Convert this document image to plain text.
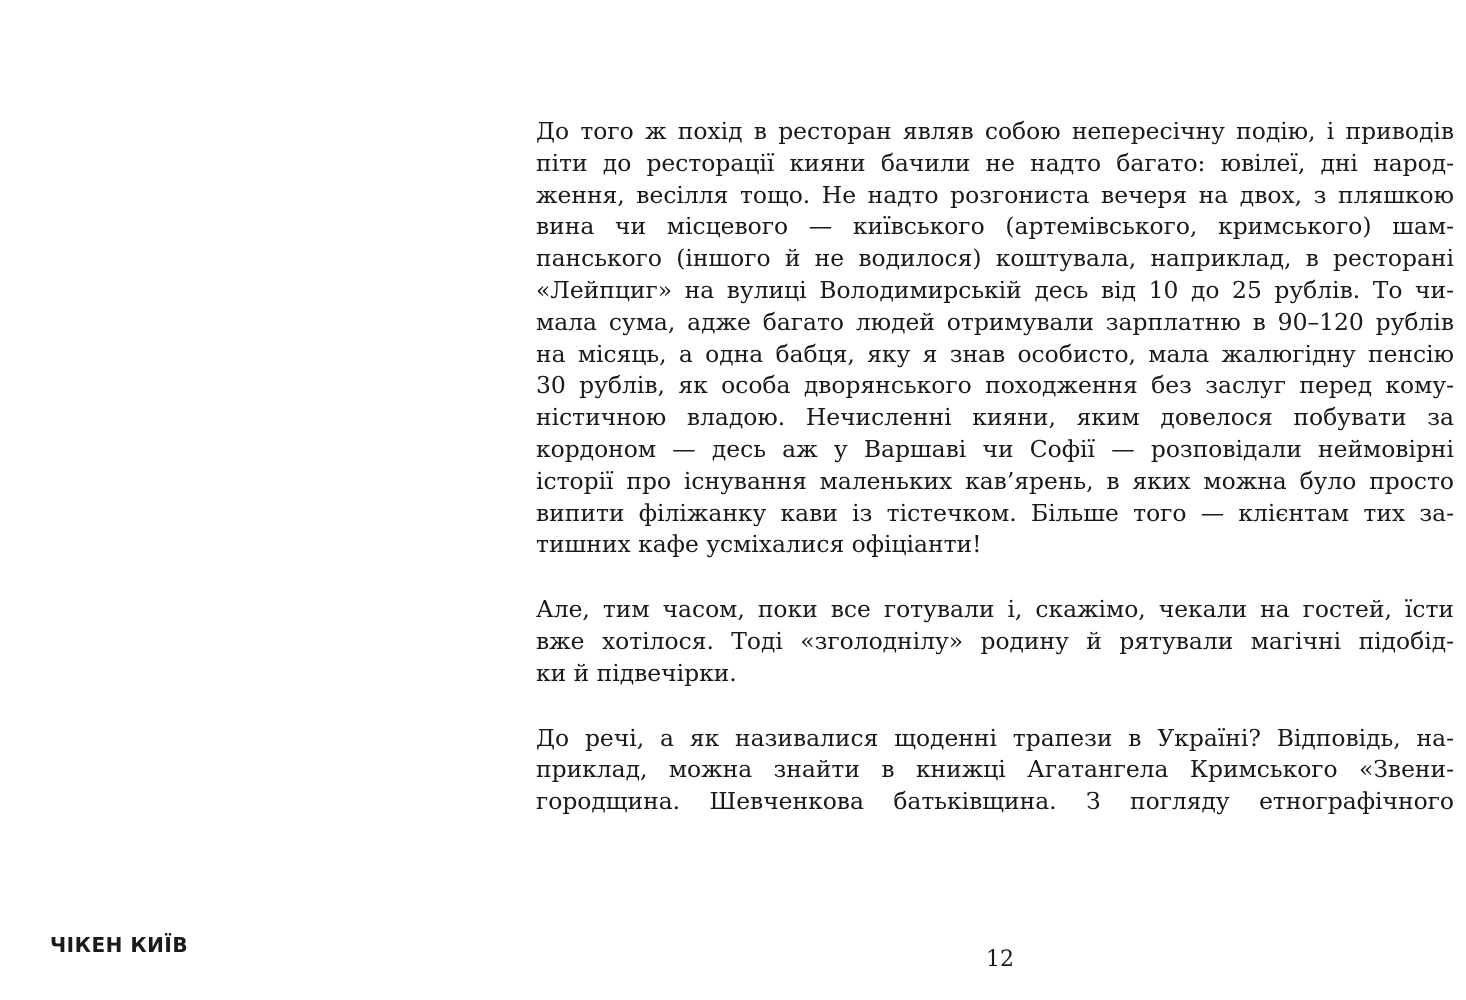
До того ж похід в ресторан являв собою непересічну подію, і приводів
піти до ресторації кияни бачили не надто багато: ювілеї, дні народ-
ження, весілля тощо. Не надто розгониста вечеря на двох, з пляшкою
вина чи місцевого — київського (артемівського, кримського) шам-
панського (іншого й не водилося) коштувала, наприклад, в ресторані
«Лейпциг» на вулиці Володимирській десь від 10 до 25 рублів. То чи-
мала сума, адже багато людей отримували зарплатню в 90–120 рублів
на місяць, а одна бабця, яку я знав особисто, мала жалюгідну пенсію
30 рублів, як особа дворянського походження без заслуг перед кому-
ністичною владою. Нечисленні кияни, яким довелося побувати за
кордоном — десь аж у Варшаві чи Софії — розповідали неймовірні
історії про існування маленьких кав’ярень, в яких можна було просто
випити філіжанку кави із тістечком. Більше того — клієнтам тих за-
тишних кафе усміхалися офіціанти!

Але, тим часом, поки все готували і, скажімо, чекали на гостей, їсти
вже хотілося. Тоді «зголоднілу» родину й рятували магічні підобід-
ки й підвечірки.

До речі, а як називалися щоденні трапези в Україні? Відповідь, на-
приклад, можна знайти в книжці Агатангела Кримського «Звени-
городщина. Шевченкова батьківщина. З погляду етнографічного

ЧІКЕН КИЇВ
12
